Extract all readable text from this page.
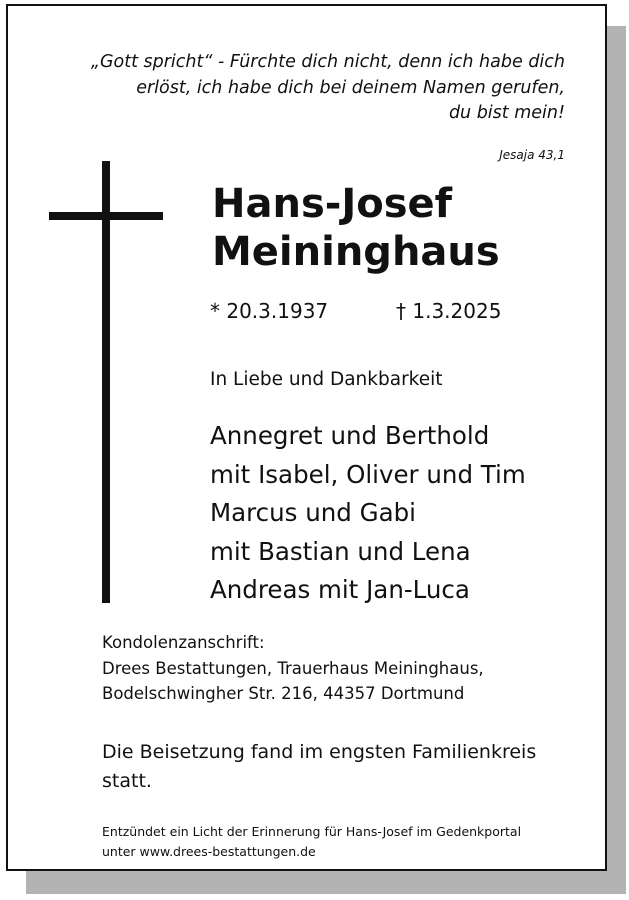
„Gott spricht“ - Fürchte dich nicht, denn ich habe dich
erlöst, ich habe dich bei deinem Namen gerufen,
du bist mein!
Jesaja 43,1
Hans-Josef
Meininghaus
* 20.3.1937	† 1.3.2025
In Liebe und Dankbarkeit
Annegret und Berthold
mit Isabel, Oliver und Tim
Marcus und Gabi
mit Bastian und Lena
Andreas mit Jan-Luca
Kondolenzanschrift:
Drees Bestattungen, Trauerhaus Meininghaus,
Bodelschwingher Str. 216, 44357 Dortmund
Die Beisetzung fand im engsten Familienkreis statt.
Entzündet ein Licht der Erinnerung für Hans-Josef im Gedenkportal
unter www.drees-bestattungen.de
